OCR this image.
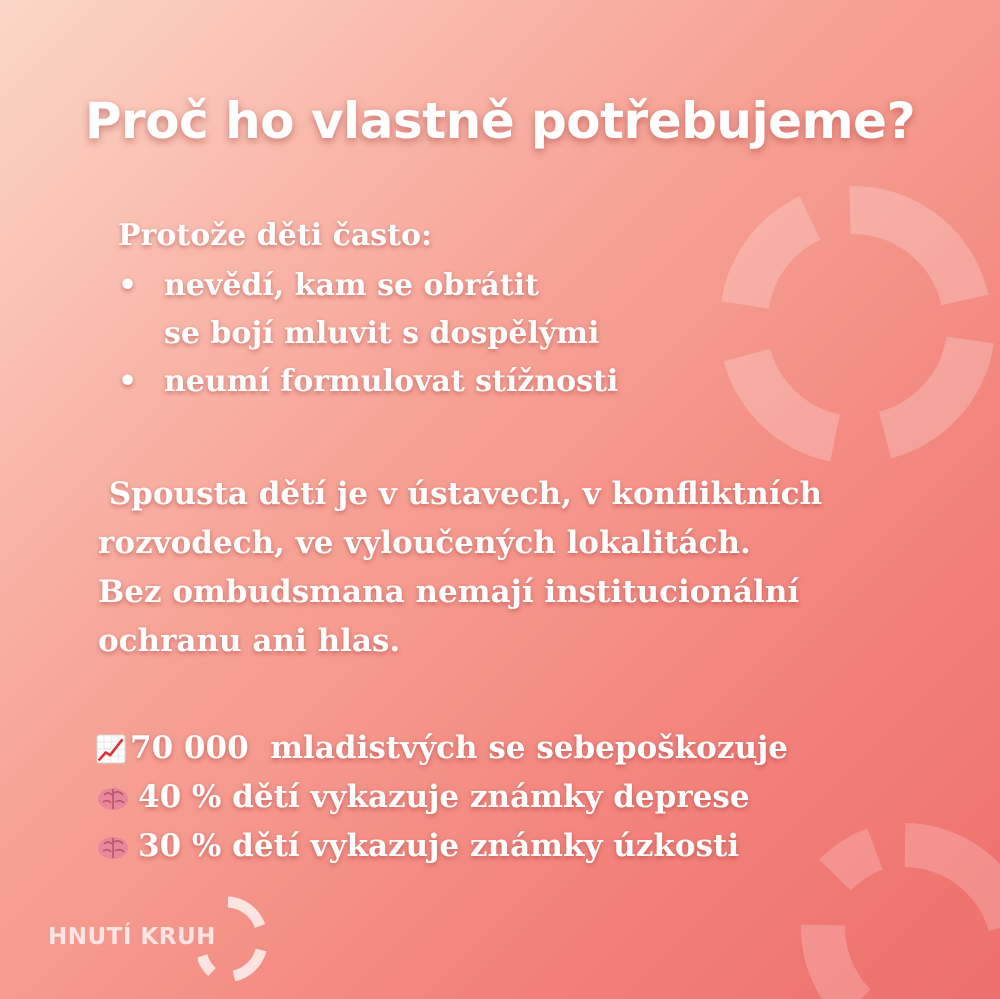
Proč ho vlastně potřebujeme?
Protože děti často:
• nevědí, kam se obrátit
se bojí mluvit s dospělými
• neumí formulovat stížnosti
Spousta dětí je v ústavech, v konfliktních
rozvodech, ve vyloučených lokalitách.
Bez ombudsmana nemají institucionální
ochranu ani hlas.
70 000  mladistvých se sebepoškozuje
40 % dětí vykazuje známky deprese
30 % dětí vykazuje známky úzkosti
HNUTÍ KRUH
